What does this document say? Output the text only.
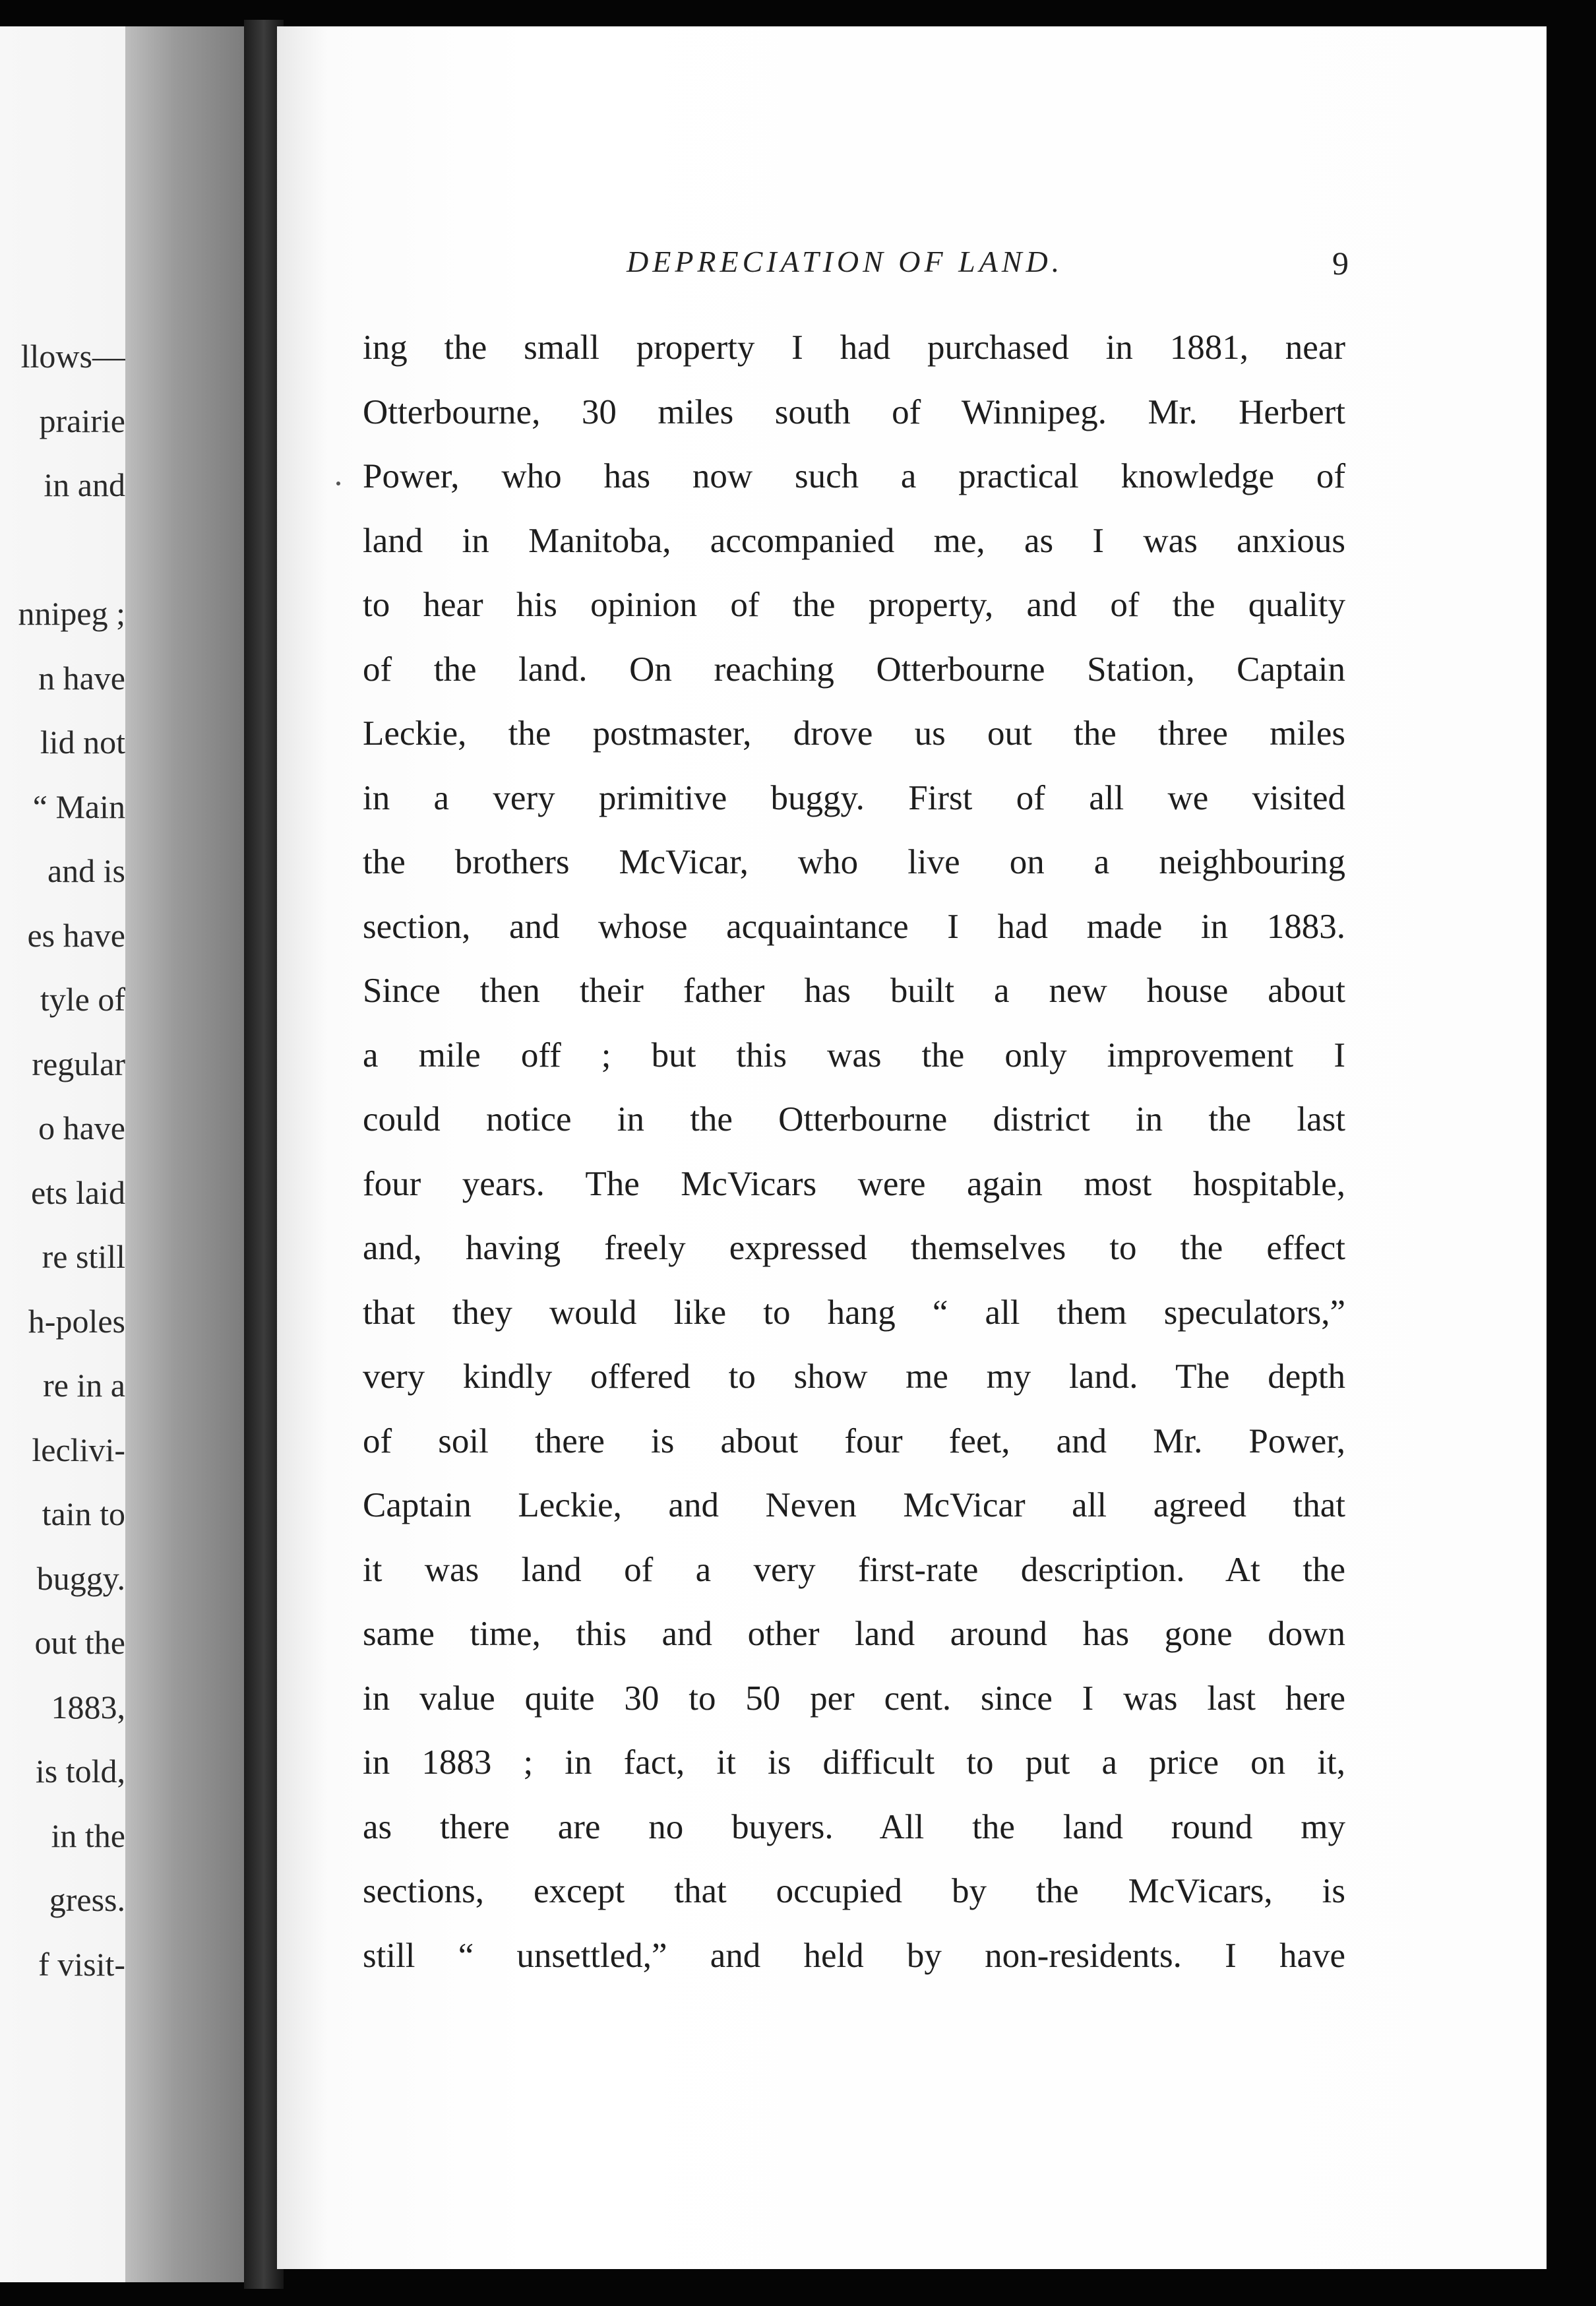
llows—
prairie
in and
nnipeg ;
n have
lid not
“ Main
and is
es have
tyle of
regular
o have
ets laid
re still
h-poles
re in a
leclivi-
tain to
buggy.
out the
1883,
is told,
in the
gress.
f visit-
DEPRECIATION OF LAND.	9
ing the small property I had purchased in 1881, near
Otterbourne, 30 miles south of Winnipeg. Mr. Herbert
Power, who has now such a practical knowledge of
land in Manitoba, accompanied me, as I was anxious
to hear his opinion of the property, and of the quality
of the land. On reaching Otterbourne Station, Captain
Leckie, the postmaster, drove us out the three miles
in a very primitive buggy. First of all we visited
the brothers McVicar, who live on a neighbouring
section, and whose acquaintance I had made in 1883.
Since then their father has built a new house about
a mile off ; but this was the only improvement I
could notice in the Otterbourne district in the last
four years. The McVicars were again most hospitable,
and, having freely expressed themselves to the effect
that they would like to hang “ all them speculators,”
very kindly offered to show me my land. The depth
of soil there is about four feet, and Mr. Power,
Captain Leckie, and Neven McVicar all agreed that
it was land of a very first-rate description. At the
same time, this and other land around has gone down
in value quite 30 to 50 per cent. since I was last here
in 1883 ; in fact, it is difficult to put a price on it,
as there are no buyers. All the land round my
sections, except that occupied by the McVicars, is
still “ unsettled,” and held by non-residents. I have
